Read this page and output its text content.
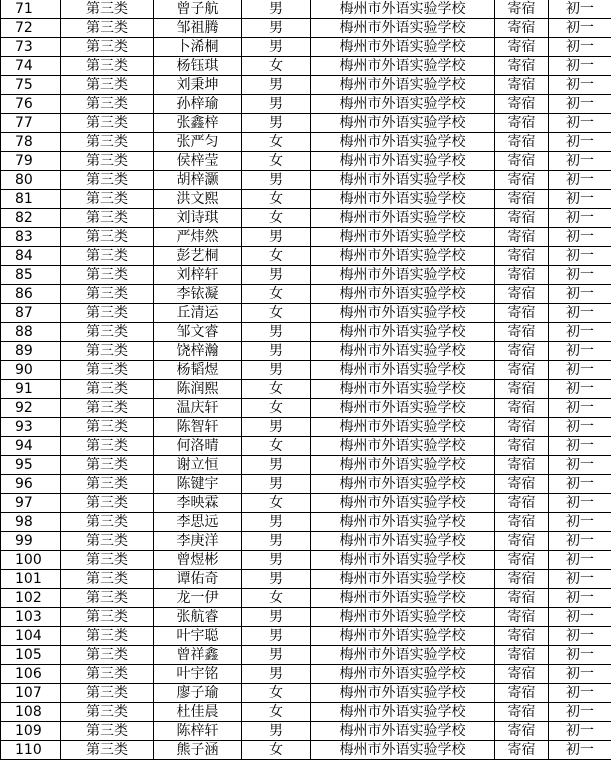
71	第三类	曾子航	男	梅州市外语实验学校	寄宿	初一
72	第三类	邹祖腾	男	梅州市外语实验学校	寄宿	初一
73	第三类	卜浠桐	男	梅州市外语实验学校	寄宿	初一
74	第三类	杨钰琪	女	梅州市外语实验学校	寄宿	初一
75	第三类	刘秉坤	男	梅州市外语实验学校	寄宿	初一
76	第三类	孙梓瑜	男	梅州市外语实验学校	寄宿	初一
77	第三类	张鑫梓	男	梅州市外语实验学校	寄宿	初一
78	第三类	张严匀	女	梅州市外语实验学校	寄宿	初一
79	第三类	侯梓莹	女	梅州市外语实验学校	寄宿	初一
80	第三类	胡梓灏	男	梅州市外语实验学校	寄宿	初一
81	第三类	洪文熙	女	梅州市外语实验学校	寄宿	初一
82	第三类	刘诗琪	女	梅州市外语实验学校	寄宿	初一
83	第三类	严炜然	男	梅州市外语实验学校	寄宿	初一
84	第三类	彭艺桐	女	梅州市外语实验学校	寄宿	初一
85	第三类	刘梓轩	男	梅州市外语实验学校	寄宿	初一
86	第三类	李铱凝	女	梅州市外语实验学校	寄宿	初一
87	第三类	丘清运	女	梅州市外语实验学校	寄宿	初一
88	第三类	邹文睿	男	梅州市外语实验学校	寄宿	初一
89	第三类	饶梓瀚	男	梅州市外语实验学校	寄宿	初一
90	第三类	杨韬煜	男	梅州市外语实验学校	寄宿	初一
91	第三类	陈润熙	女	梅州市外语实验学校	寄宿	初一
92	第三类	温庆轩	女	梅州市外语实验学校	寄宿	初一
93	第三类	陈智轩	男	梅州市外语实验学校	寄宿	初一
94	第三类	何洛晴	女	梅州市外语实验学校	寄宿	初一
95	第三类	谢立恒	男	梅州市外语实验学校	寄宿	初一
96	第三类	陈键宇	男	梅州市外语实验学校	寄宿	初一
97	第三类	李映霖	女	梅州市外语实验学校	寄宿	初一
98	第三类	李思远	男	梅州市外语实验学校	寄宿	初一
99	第三类	李庚洋	男	梅州市外语实验学校	寄宿	初一
100	第三类	曾煜彬	男	梅州市外语实验学校	寄宿	初一
101	第三类	谭佑奇	男	梅州市外语实验学校	寄宿	初一
102	第三类	龙一伊	女	梅州市外语实验学校	寄宿	初一
103	第三类	张航睿	男	梅州市外语实验学校	寄宿	初一
104	第三类	叶宇聪	男	梅州市外语实验学校	寄宿	初一
105	第三类	曾祥鑫	男	梅州市外语实验学校	寄宿	初一
106	第三类	叶宇铭	男	梅州市外语实验学校	寄宿	初一
107	第三类	廖子瑜	女	梅州市外语实验学校	寄宿	初一
108	第三类	杜佳晨	女	梅州市外语实验学校	寄宿	初一
109	第三类	陈梓轩	男	梅州市外语实验学校	寄宿	初一
110	第三类	熊子涵	女	梅州市外语实验学校	寄宿	初一
